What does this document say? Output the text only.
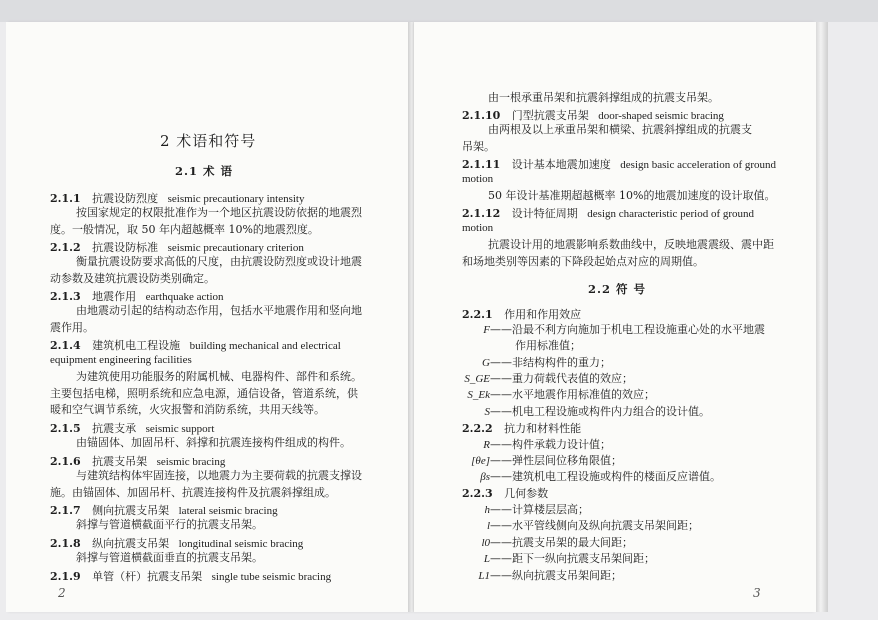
2 术语和符号
2.1 术 语
2.1.1 抗震设防烈度 seismic precautionary intensity
按国家规定的权限批准作为一个地区抗震设防依据的地震烈
度。一般情况，取 50 年内超越概率 10%的地震烈度。
2.1.2 抗震设防标准 seismic precautionary criterion
衡量抗震设防要求高低的尺度，由抗震设防烈度或设计地震
动参数及建筑抗震设防类别确定。
2.1.3 地震作用 earthquake action
由地震动引起的结构动态作用，包括水平地震作用和竖向地
震作用。
2.1.4 建筑机电工程设施 building mechanical and electrical
equipment engineering facilities
为建筑使用功能服务的附属机械、电器构件、部件和系统。
主要包括电梯，照明系统和应急电源，通信设备，管道系统，供
暖和空气调节系统，火灾报警和消防系统，共用天线等。
2.1.5 抗震支承 seismic support
由锚固体、加固吊杆、斜撑和抗震连接构件组成的构件。
2.1.6 抗震支吊架 seismic bracing
与建筑结构体牢固连接，以地震力为主要荷载的抗震支撑设
施。由锚固体、加固吊杆、抗震连接构件及抗震斜撑组成。
2.1.7 侧向抗震支吊架 lateral seismic bracing
斜撑与管道横截面平行的抗震支吊架。
2.1.8 纵向抗震支吊架 longitudinal seismic bracing
斜撑与管道横截面垂直的抗震支吊架。
2.1.9 单管（杆）抗震支吊架 single tube seismic bracing
2
由一根承重吊架和抗震斜撑组成的抗震支吊架。
2.1.10 门型抗震支吊架 door-shaped seismic bracing
由两根及以上承重吊架和横梁、抗震斜撑组成的抗震支
吊架。
2.1.11 设计基本地震加速度 design basic acceleration of ground
motion
50 年设计基准期超越概率 10%的地震加速度的设计取值。
2.1.12 设计特征周期 design characteristic period of ground
motion
抗震设计用的地震影响系数曲线中，反映地震震级、震中距
和场地类别等因素的下降段起始点对应的周期值。
2.2 符 号
2.2.1 作用和作用效应
F——沿最不利方向施加于机电工程设施重心处的水平地震
作用标准值；
G——非结构构件的重力；
S_GE——重力荷载代表值的效应；
S_Ek——水平地震作用标准值的效应；
S——机电工程设施或构件内力组合的设计值。
2.2.2 抗力和材料性能
R——构件承载力设计值；
[θe]——弹性层间位移角限值；
βs——建筑机电工程设施或构件的楼面反应谱值。
2.2.3 几何参数
h——计算楼层层高；
l——水平管线侧向及纵向抗震支吊架间距；
l0——抗震支吊架的最大间距；
L——距下一纵向抗震支吊架间距；
L1——纵向抗震支吊架间距；
3
